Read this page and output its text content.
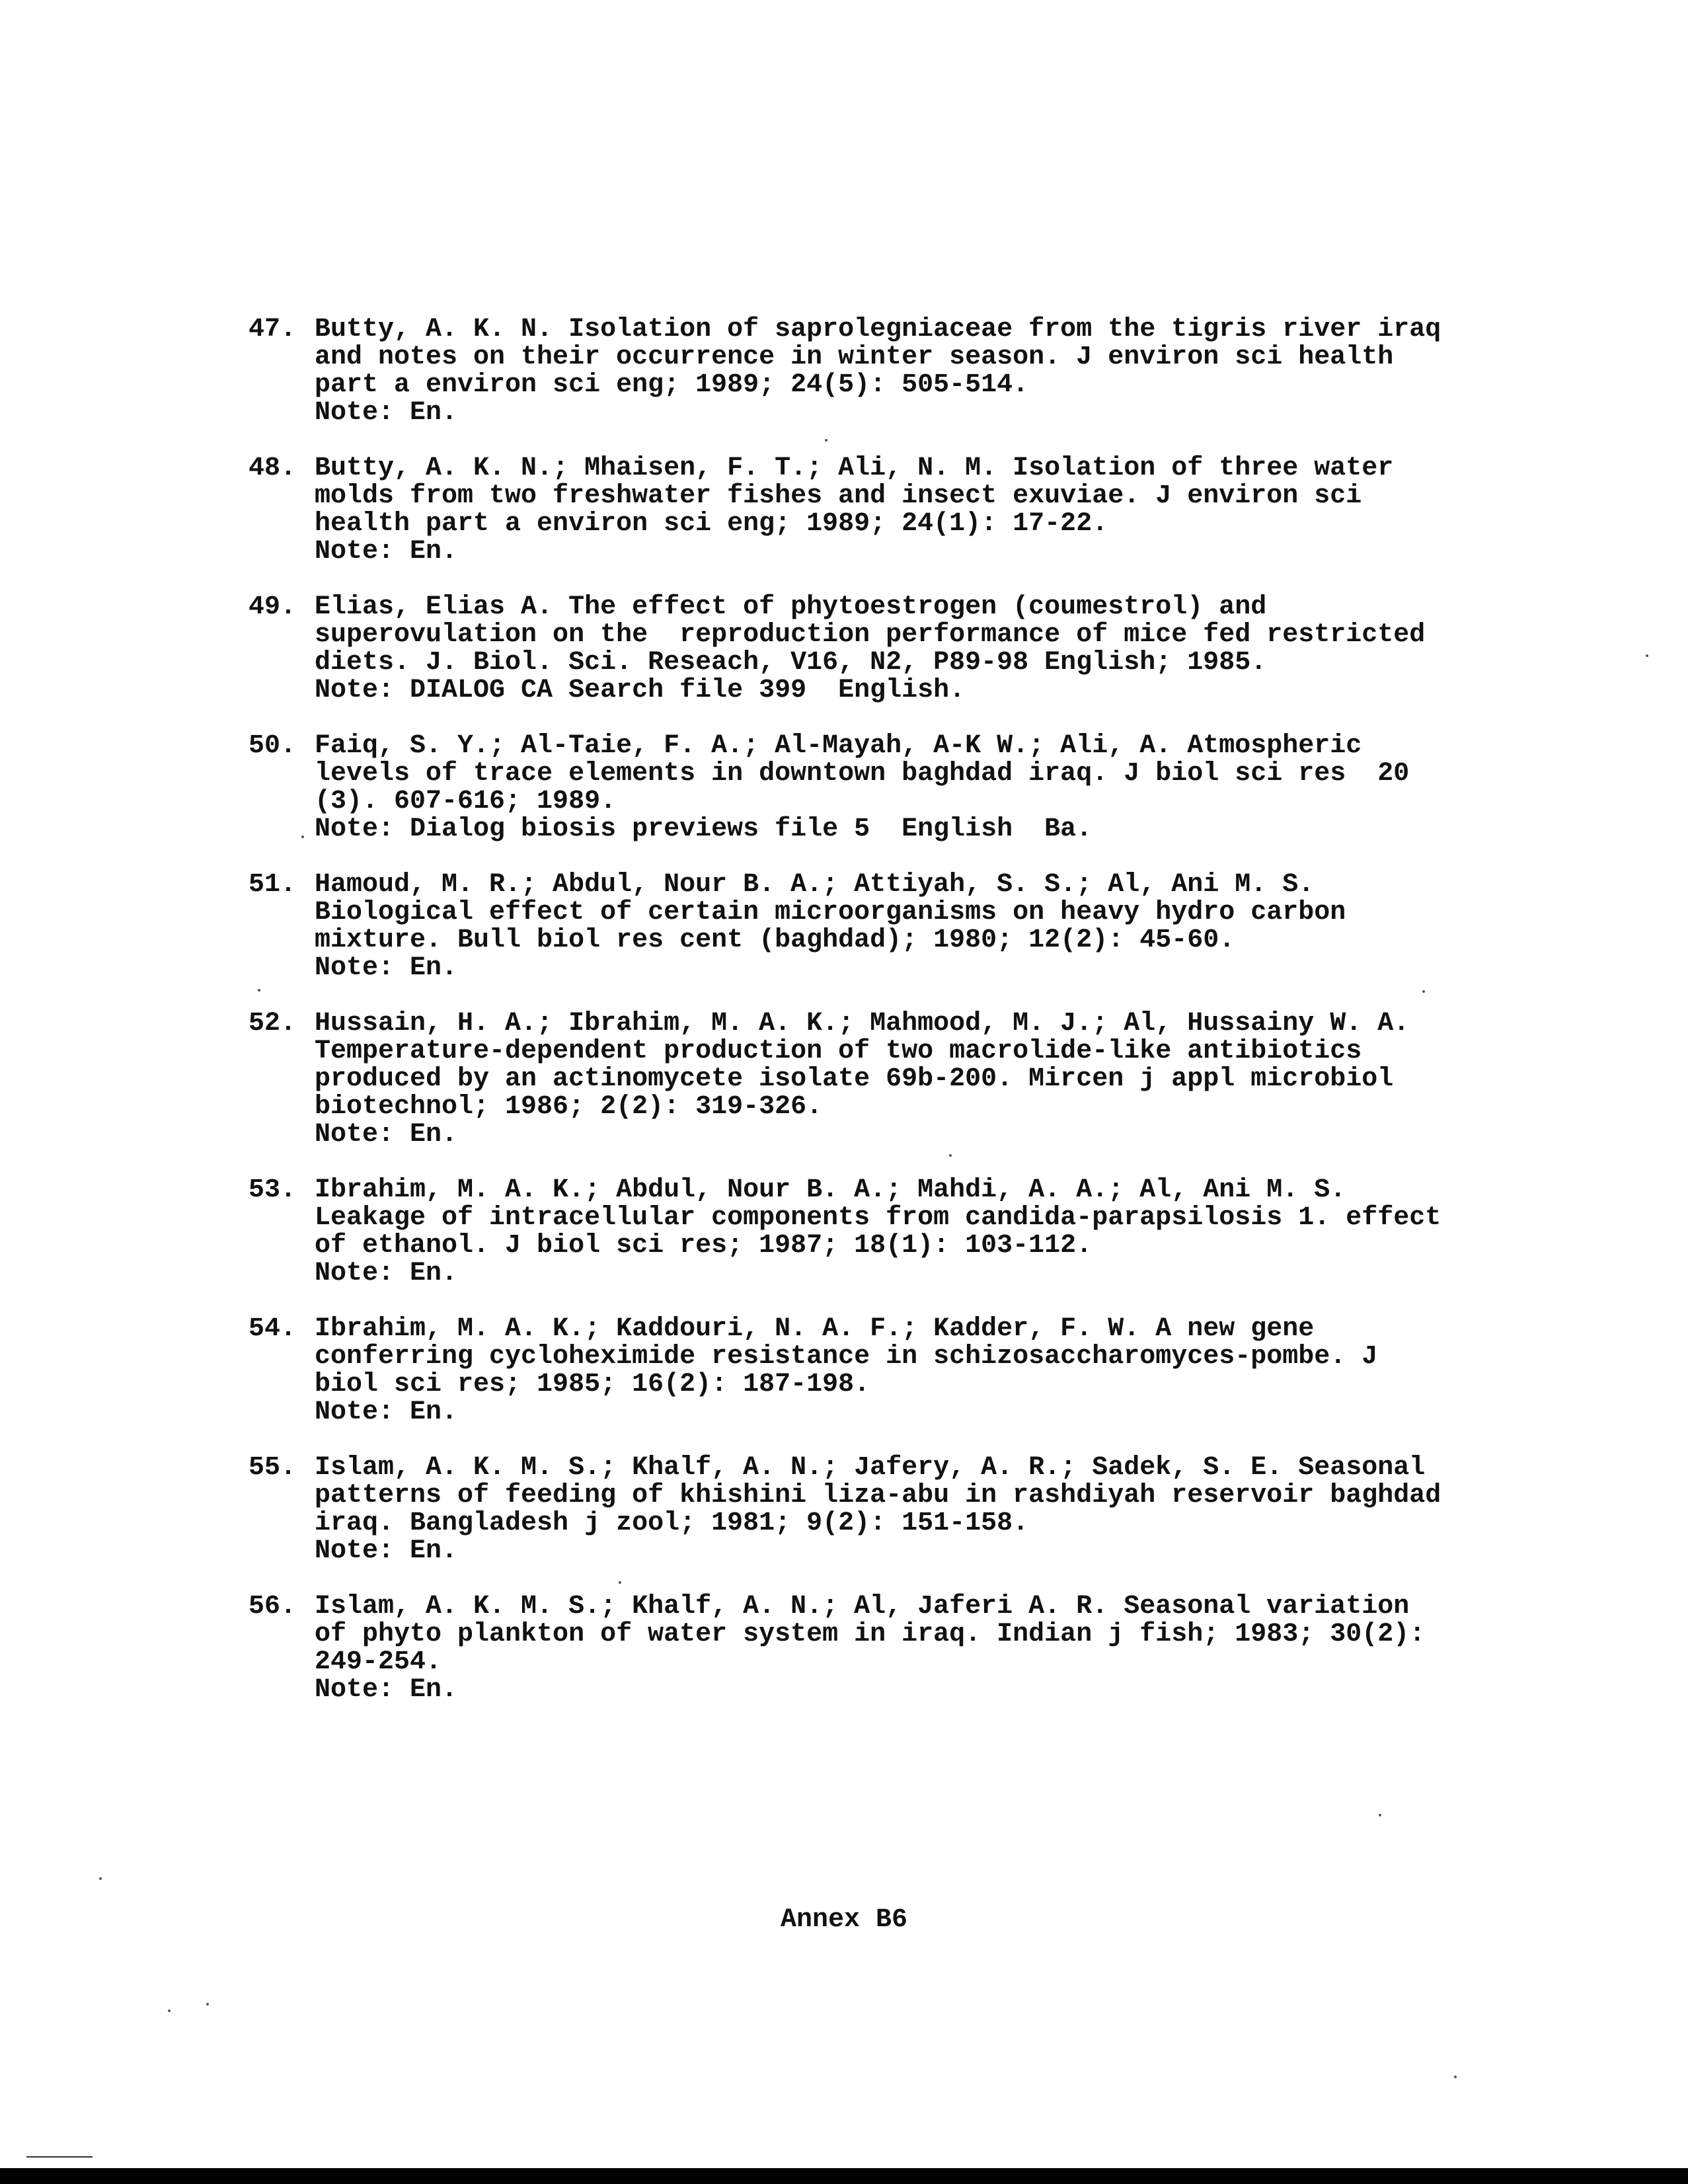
47. Butty, A. K. N. Isolation of saprolegniaceae from the tigris river iraq
and notes on their occurrence in winter season. J environ sci health
part a environ sci eng; 1989; 24(5): 505-514.
Note: En.
48. Butty, A. K. N.; Mhaisen, F. T.; Ali, N. M. Isolation of three water
molds from two freshwater fishes and insect exuviae. J environ sci
health part a environ sci eng; 1989; 24(1): 17-22.
Note: En.
49. Elias, Elias A. The effect of phytoestrogen (coumestrol) and
superovulation on the  reproduction performance of mice fed restricted
diets. J. Biol. Sci. Reseach, V16, N2, P89-98 English; 1985.
Note: DIALOG CA Search file 399  English.
50. Faiq, S. Y.; Al-Taie, F. A.; Al-Mayah, A-K W.; Ali, A. Atmospheric
levels of trace elements in downtown baghdad iraq. J biol sci res  20
(3). 607-616; 1989.
Note: Dialog biosis previews file 5  English  Ba.
51. Hamoud, M. R.; Abdul, Nour B. A.; Attiyah, S. S.; Al, Ani M. S.
Biological effect of certain microorganisms on heavy hydro carbon
mixture. Bull biol res cent (baghdad); 1980; 12(2): 45-60.
Note: En.
52. Hussain, H. A.; Ibrahim, M. A. K.; Mahmood, M. J.; Al, Hussainy W. A.
Temperature-dependent production of two macrolide-like antibiotics
produced by an actinomycete isolate 69b-200. Mircen j appl microbiol
biotechnol; 1986; 2(2): 319-326.
Note: En.
53. Ibrahim, M. A. K.; Abdul, Nour B. A.; Mahdi, A. A.; Al, Ani M. S.
Leakage of intracellular components from candida-parapsilosis 1. effect
of ethanol. J biol sci res; 1987; 18(1): 103-112.
Note: En.
54. Ibrahim, M. A. K.; Kaddouri, N. A. F.; Kadder, F. W. A new gene
conferring cycloheximide resistance in schizosaccharomyces-pombe. J
biol sci res; 1985; 16(2): 187-198.
Note: En.
55. Islam, A. K. M. S.; Khalf, A. N.; Jafery, A. R.; Sadek, S. E. Seasonal
patterns of feeding of khishini liza-abu in rashdiyah reservoir baghdad
iraq. Bangladesh j zool; 1981; 9(2): 151-158.
Note: En.
56. Islam, A. K. M. S.; Khalf, A. N.; Al, Jaferi A. R. Seasonal variation
of phyto plankton of water system in iraq. Indian j fish; 1983; 30(2):
249-254.
Note: En.
Annex B6
